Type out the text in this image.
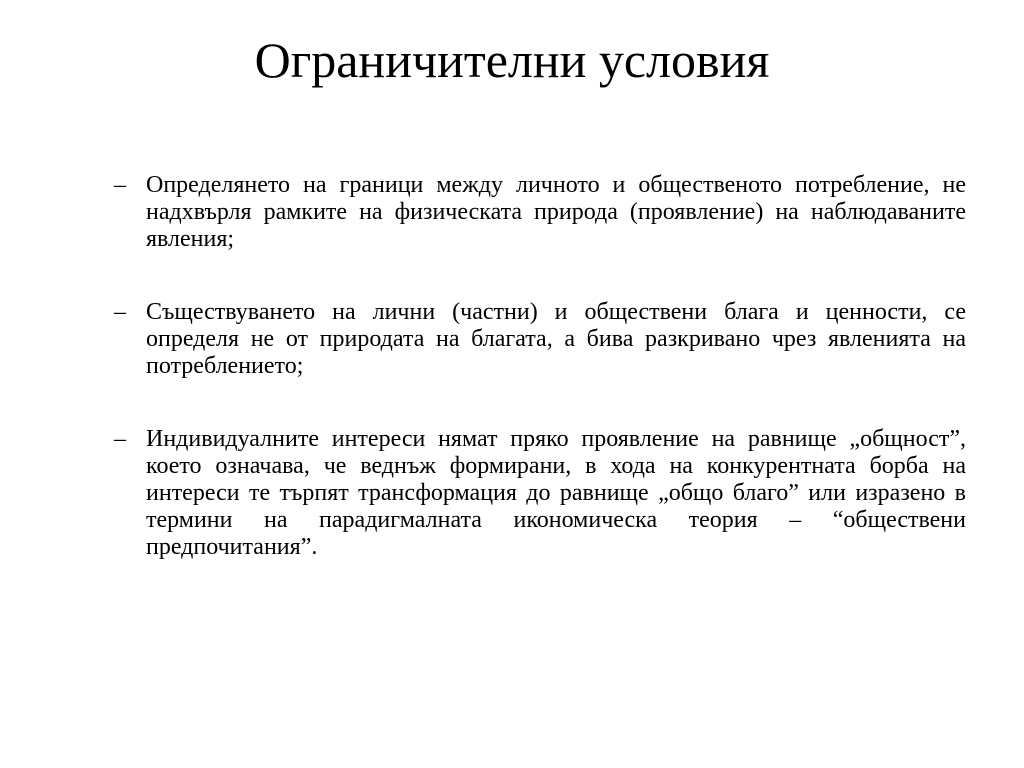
Ограничителни условия
– Определянето на граници между личното и общественото потребление, не надхвърля рамките на физическата природа (проявление) на наблюдаваните явления;
– Съществуването на лични (частни) и обществени блага и ценности, се определя не от природата на благата, а бива разкривано чрез явленията на потреблението;
– Индивидуалните интереси нямат пряко проявление на равнище „общност”, което означава, че веднъж формирани, в хода на конкурентната борба на интереси те търпят трансформация до равнище „общо благо” или изразено в термини на парадигмалната икономическа теория – “обществени предпочитания”.
